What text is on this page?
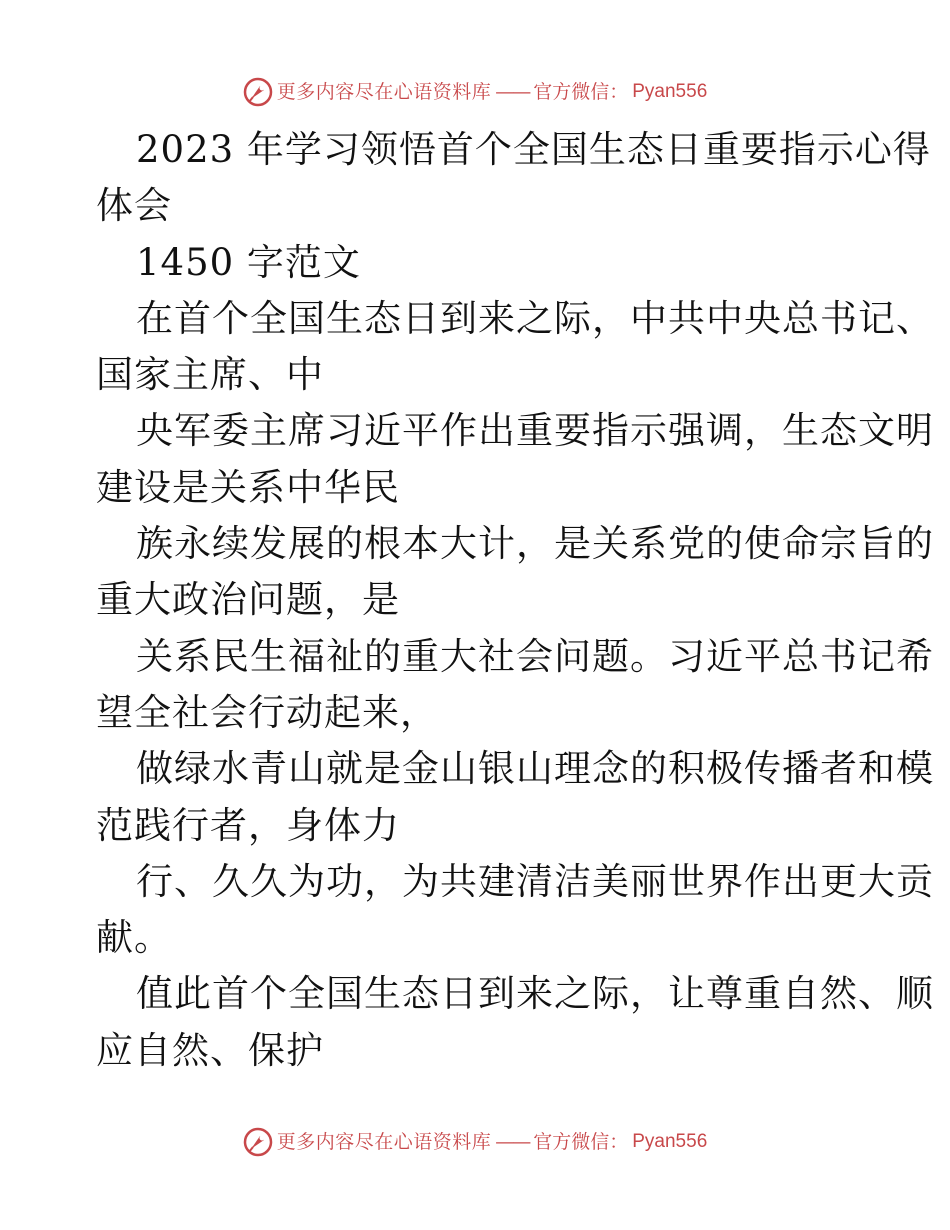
更多内容尽在心语资料库 —— 官方微信： Pyan556
2023 年学习领悟首个全国生态日重要指示心得
体会
1450 字范文
在首个全国生态日到来之际，中共中央总书记、
国家主席、中
央军委主席习近平作出重要指示强调，生态文明
建设是关系中华民
族永续发展的根本大计，是关系党的使命宗旨的
重大政治问题，是
关系民生福祉的重大社会问题。习近平总书记希
望全社会行动起来，
做绿水青山就是金山银山理念的积极传播者和模
范践行者，身体力
行、久久为功，为共建清洁美丽世界作出更大贡
献。
值此首个全国生态日到来之际，让尊重自然、顺
应自然、保护
更多内容尽在心语资料库 —— 官方微信： Pyan556
